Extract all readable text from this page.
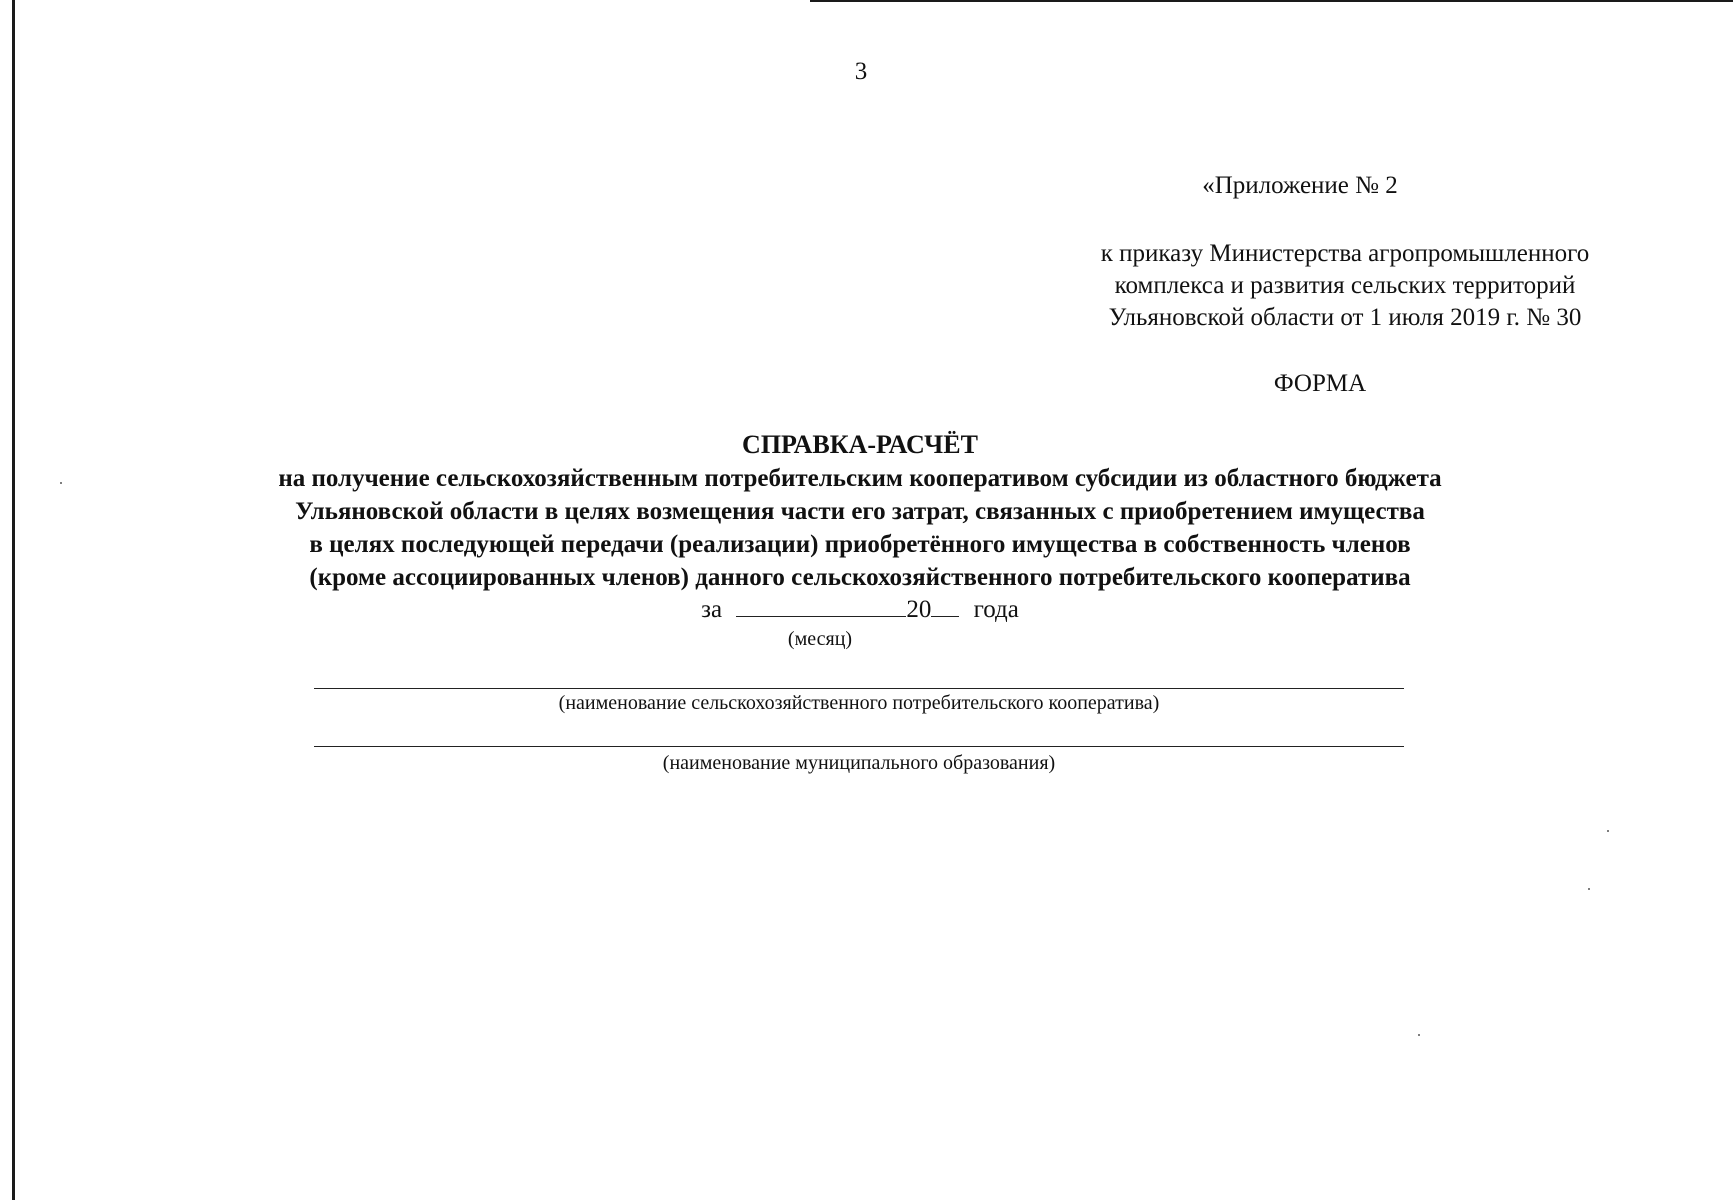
3
«Приложение № 2
к приказу Министерства агропромышленного
комплекса и развития сельских территорий
Ульяновской области от 1 июля 2019 г. № 30
ФОРМА
СПРАВКА-РАСЧЁТ
на получение сельскохозяйственным потребительским кооперативом субсидии из областного бюджета
Ульяновской области в целях возмещения части его затрат, связанных с приобретением имущества
в целях последующей передачи (реализации) приобретённого имущества в собственность членов
(кроме ассоциированных членов) данного сельскохозяйственного потребительского кооператива
за	20 года
(месяц)
(наименование сельскохозяйственного потребительского кооператива)
(наименование муниципального образования)
